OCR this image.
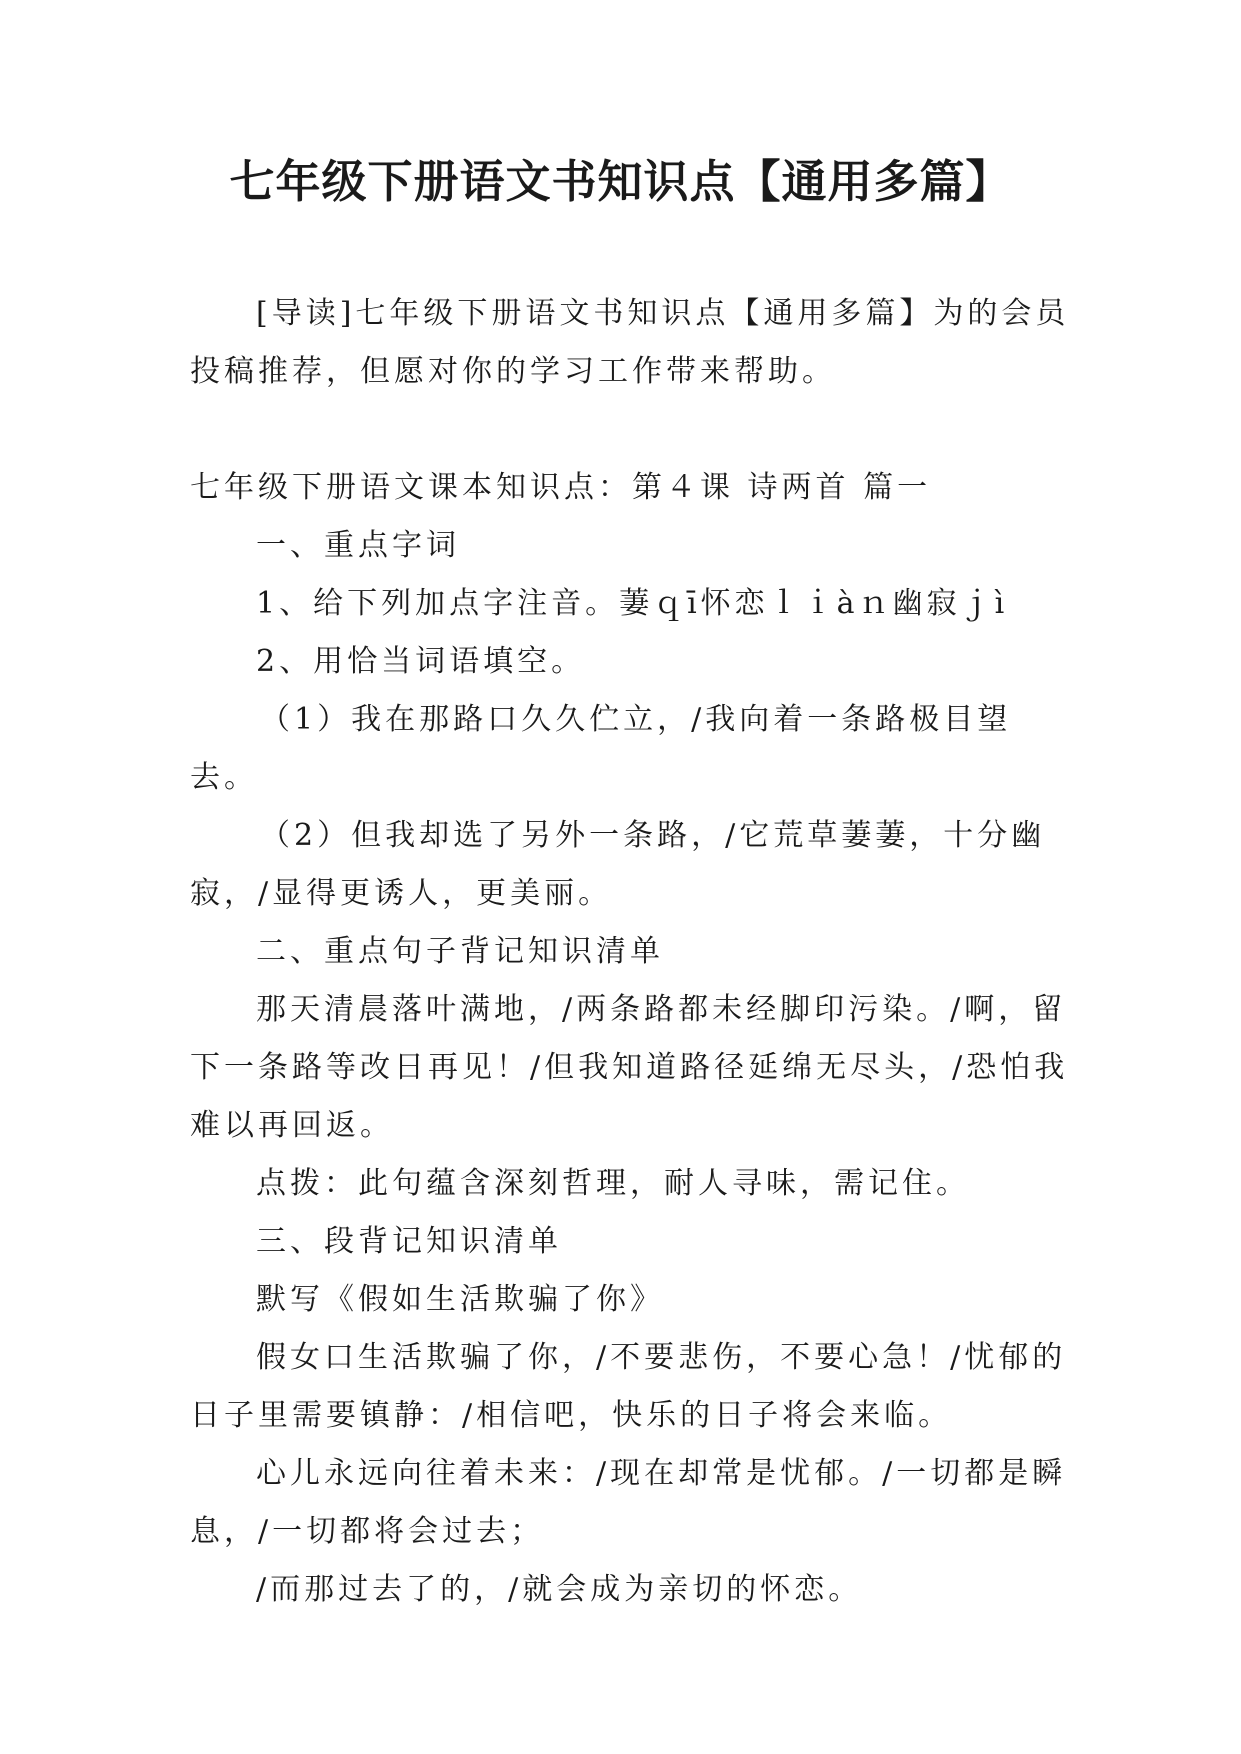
七年级下册语文书知识点【通用多篇】

[导读]七年级下册语文书知识点【通用多篇】为的会员投稿推荐，但愿对你的学习工作带来帮助。

七年级下册语文课本知识点：第４课 诗两首 篇一

一、重点字词

1、给下列加点字注音。萋ｑī怀恋ｌｉàｎ幽寂ｊì

2、用恰当词语填空。

（1）我在那路口久久伫立，/我向着一条路极目望去。

（2）但我却选了另外一条路，/它荒草萋萋，十分幽寂，/显得更诱人，更美丽。

二、重点句子背记知识清单

那天清晨落叶满地，/两条路都未经脚印污染。/啊，留下一条路等改日再见！/但我知道路径延绵无尽头，/恐怕我难以再回返。

点拨：此句蕴含深刻哲理，耐人寻味，需记住。

三、段背记知识清单

默写《假如生活欺骗了你》

假女口生活欺骗了你，/不要悲伤，不要心急！/忧郁的日子里需要镇静：/相信吧，快乐的日子将会来临。

心儿永远向往着未来：/现在却常是忧郁。/一切都是瞬息，/一切都将会过去；

/而那过去了的，/就会成为亲切的怀恋。
